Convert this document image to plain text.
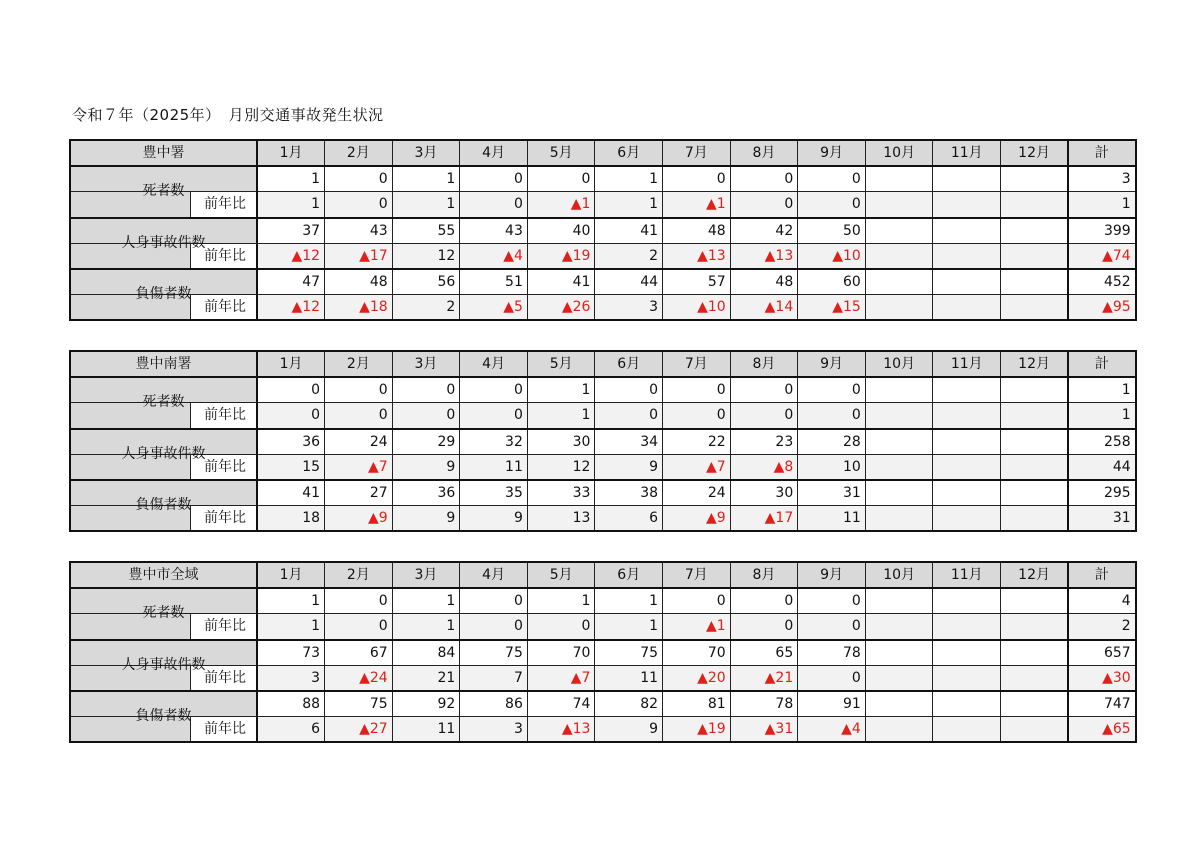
令和７年（2025年）　月別交通事故発生状況
豊中署		1月	2月	3月	4月	5月	6月	7月	8月	9月	10月	11月	12月	計

死者数		1	0	1	0	0	1	0	0	0				3
	前年比	1	0	1	0	▲1	1	▲1	0	0				1

人身事故件数		37	43	55	43	40	41	48	42	50				399
	前年比	▲12	▲17	12	▲4	▲19	2	▲13	▲13	▲10				▲74

負傷者数		47	48	56	51	41	44	57	48	60				452
	前年比	▲12	▲18	2	▲5	▲26	3	▲10	▲14	▲15				▲95
豊中南署		1月	2月	3月	4月	5月	6月	7月	8月	9月	10月	11月	12月	計

死者数		0	0	0	0	1	0	0	0	0				1
	前年比	0	0	0	0	1	0	0	0	0				1

人身事故件数		36	24	29	32	30	34	22	23	28				258
	前年比	15	▲7	9	11	12	9	▲7	▲8	10				44

負傷者数		41	27	36	35	33	38	24	30	31				295
	前年比	18	▲9	9	9	13	6	▲9	▲17	11				31
豊中市全域		1月	2月	3月	4月	5月	6月	7月	8月	9月	10月	11月	12月	計

死者数		1	0	1	0	1	1	0	0	0				4
	前年比	1	0	1	0	0	1	▲1	0	0				2

人身事故件数		73	67	84	75	70	75	70	65	78				657
	前年比	3	▲24	21	7	▲7	11	▲20	▲21	0				▲30

負傷者数		88	75	92	86	74	82	81	78	91				747
	前年比	6	▲27	11	3	▲13	9	▲19	▲31	▲4				▲65
